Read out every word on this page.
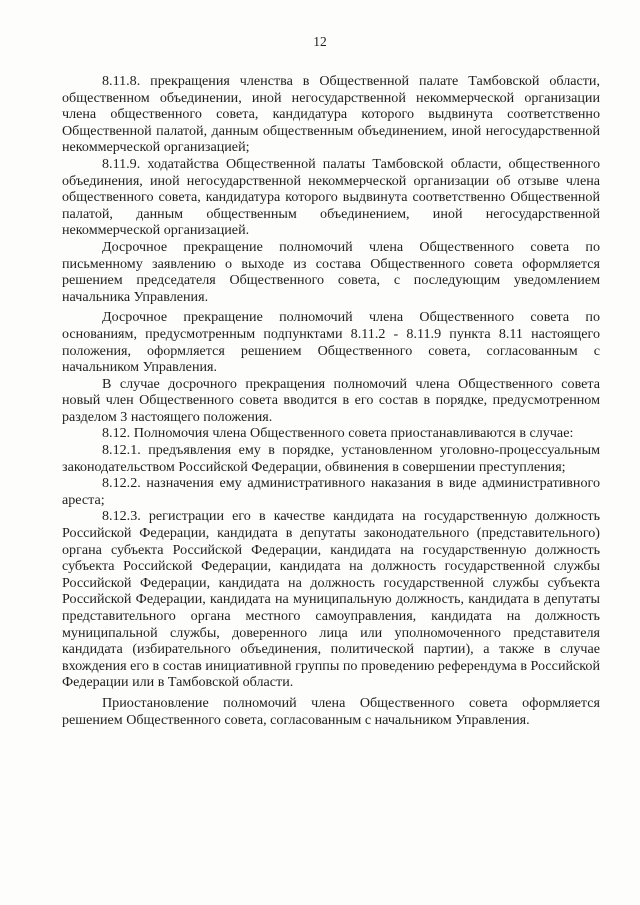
12

8.11.8. прекращения членства в Общественной палате Тамбовской области, общественном объединении, иной негосударственной некоммерческой организации члена общественного совета, кандидатура которого выдвинута соответственно Общественной палатой, данным общественным объединением, иной негосударственной некоммерческой организацией;

8.11.9. ходатайства Общественной палаты Тамбовской области, общественного объединения, иной негосударственной некоммерческой организации об отзыве члена общественного совета, кандидатура которого выдвинута соответственно Общественной палатой, данным общественным объединением, иной негосударственной некоммерческой организацией.

Досрочное прекращение полномочий члена Общественного совета по письменному заявлению о выходе из состава Общественного совета оформляется решением председателя Общественного совета, с последующим уведомлением начальника Управления.

Досрочное прекращение полномочий члена Общественного совета по основаниям, предусмотренным подпунктами 8.11.2 - 8.11.9 пункта 8.11 настоящего положения, оформляется решением Общественного совета, согласованным с начальником Управления.

В случае досрочного прекращения полномочий члена Общественного совета новый член Общественного совета вводится в его состав в порядке, предусмотренном разделом 3 настоящего положения.

8.12. Полномочия члена Общественного совета приостанавливаются в случае:

8.12.1. предъявления ему в порядке, установленном уголовно-процессуальным законодательством Российской Федерации, обвинения в совершении преступления;

8.12.2. назначения ему административного наказания в виде административного ареста;

8.12.3. регистрации его в качестве кандидата на государственную должность Российской Федерации, кандидата в депутаты законодательного (представительного) органа субъекта Российской Федерации, кандидата на государственную должность субъекта Российской Федерации, кандидата на должность государственной службы Российской Федерации, кандидата на должность государственной службы субъекта Российской Федерации, кандидата на муниципальную должность, кандидата в депутаты представительного органа местного самоуправления, кандидата на должность муниципальной службы, доверенного лица или уполномоченного представителя кандидата (избирательного объединения, политической партии), а также в случае вхождения его в состав инициативной группы по проведению референдума в Российской Федерации или в Тамбовской области.

Приостановление полномочий члена Общественного совета оформляется решением Общественного совета, согласованным с начальником Управления.
